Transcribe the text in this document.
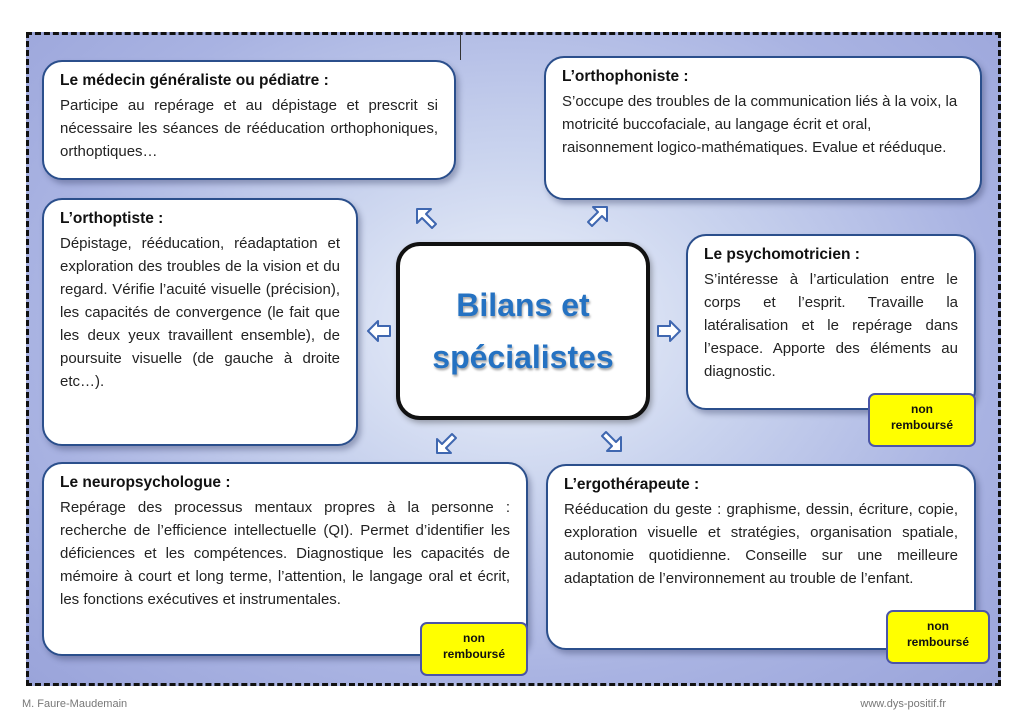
Le médecin généraliste ou pédiatre :
Participe au repérage et au dépistage et prescrit si nécessaire les séances de rééducation orthophoniques, orthoptiques…
L’orthophoniste :
S’occupe des troubles de la communication liés à la voix, la motricité buccofaciale, au langage écrit et oral, raisonnement logico-mathématiques. Evalue et rééduque.
L’orthoptiste :
Dépistage, rééducation, réadaptation et exploration des troubles de la vision et du regard. Vérifie l’acuité visuelle (précision), les capacités de convergence (le fait que les deux yeux travaillent ensemble), de poursuite visuelle (de gauche à droite etc…).
Le psychomotricien :
S’intéresse à l’articulation entre le corps et l’esprit. Travaille la latéralisation et le repérage dans l’espace. Apporte des éléments au diagnostic.
Le neuropsychologue :
Repérage des processus mentaux propres à la personne : recherche de l’efficience intellectuelle (QI). Permet d’identifier les déficiences et les compétences. Diagnostique les capacités de mémoire à court et long terme, l’attention, le langage oral et écrit, les fonctions exécutives et instrumentales.
L’ergothérapeute :
Rééducation du geste : graphisme, dessin, écriture, copie, exploration visuelle et stratégies, organisation spatiale, autonomie quotidienne. Conseille sur une meilleure adaptation de l’environnement au trouble de l’enfant.
Bilans et
spécialistes
non
remboursé
non
remboursé
non
remboursé
M. Faure-Maudemain	www.dys-positif.fr
